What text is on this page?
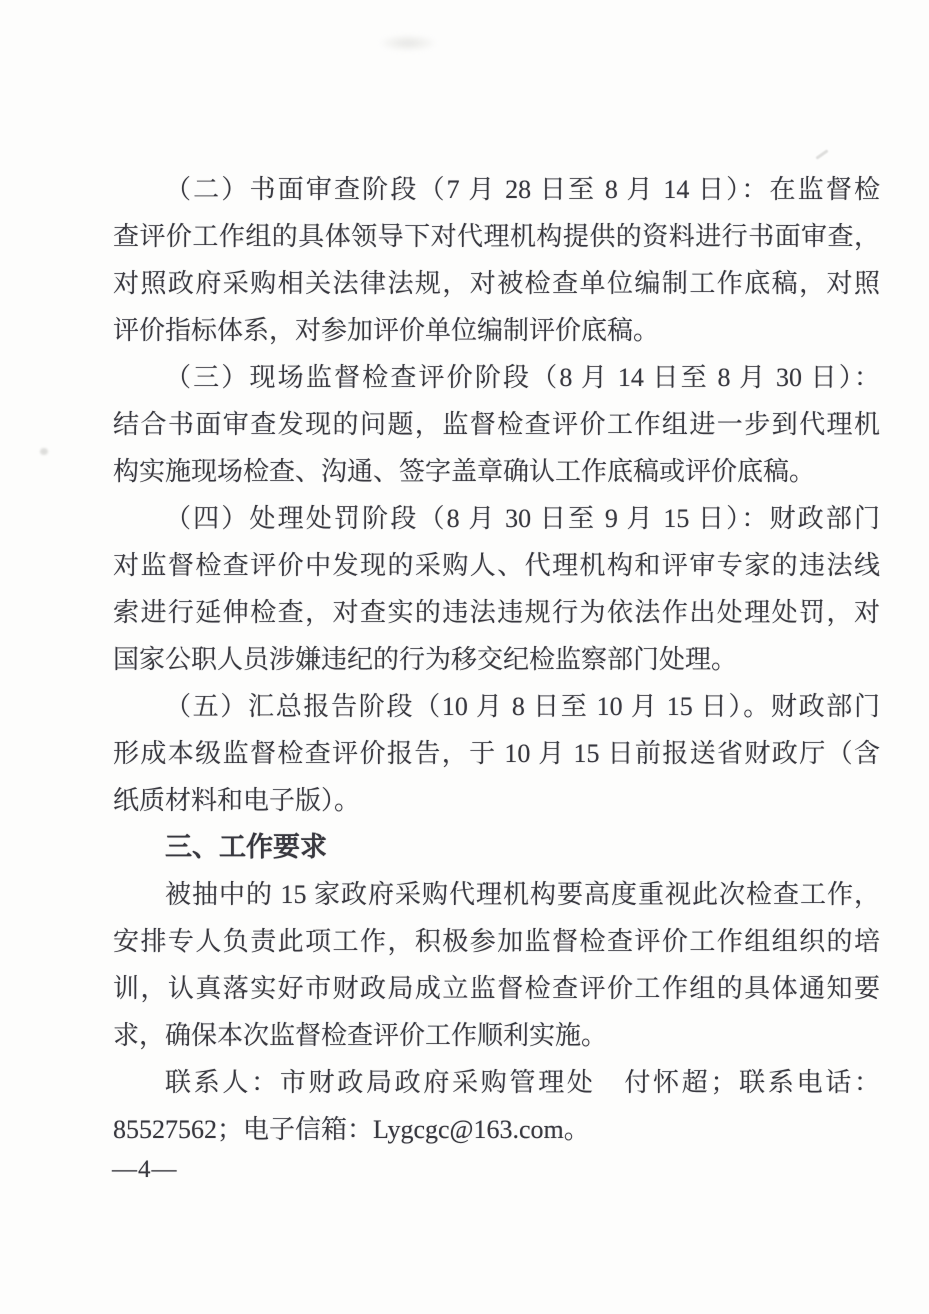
（二）书面审查阶段（7 月 28 日至 8 月 14 日）：在监督检
查评价工作组的具体领导下对代理机构提供的资料进行书面审查，
对照政府采购相关法律法规，对被检查单位编制工作底稿，对照
评价指标体系，对参加评价单位编制评价底稿。
（三）现场监督检查评价阶段（8 月 14 日至 8 月 30 日）：
结合书面审查发现的问题，监督检查评价工作组进一步到代理机
构实施现场检查、沟通、签字盖章确认工作底稿或评价底稿。
（四）处理处罚阶段（8 月 30 日至 9 月 15 日）：财政部门
对监督检查评价中发现的采购人、代理机构和评审专家的违法线
索进行延伸检查，对查实的违法违规行为依法作出处理处罚，对
国家公职人员涉嫌违纪的行为移交纪检监察部门处理。
（五）汇总报告阶段（10 月 8 日至 10 月 15 日）。财政部门
形成本级监督检查评价报告，于 10 月 15 日前报送省财政厅（含
纸质材料和电子版）。
三、工作要求
被抽中的 15 家政府采购代理机构要高度重视此次检查工作，
安排专人负责此项工作，积极参加监督检查评价工作组组织的培
训，认真落实好市财政局成立监督检查评价工作组的具体通知要
求，确保本次监督检查评价工作顺利实施。
联系人：市财政局政府采购管理处　付怀超；联系电话：
85527562；电子信箱：Lygcgc@163.com。
—4—
